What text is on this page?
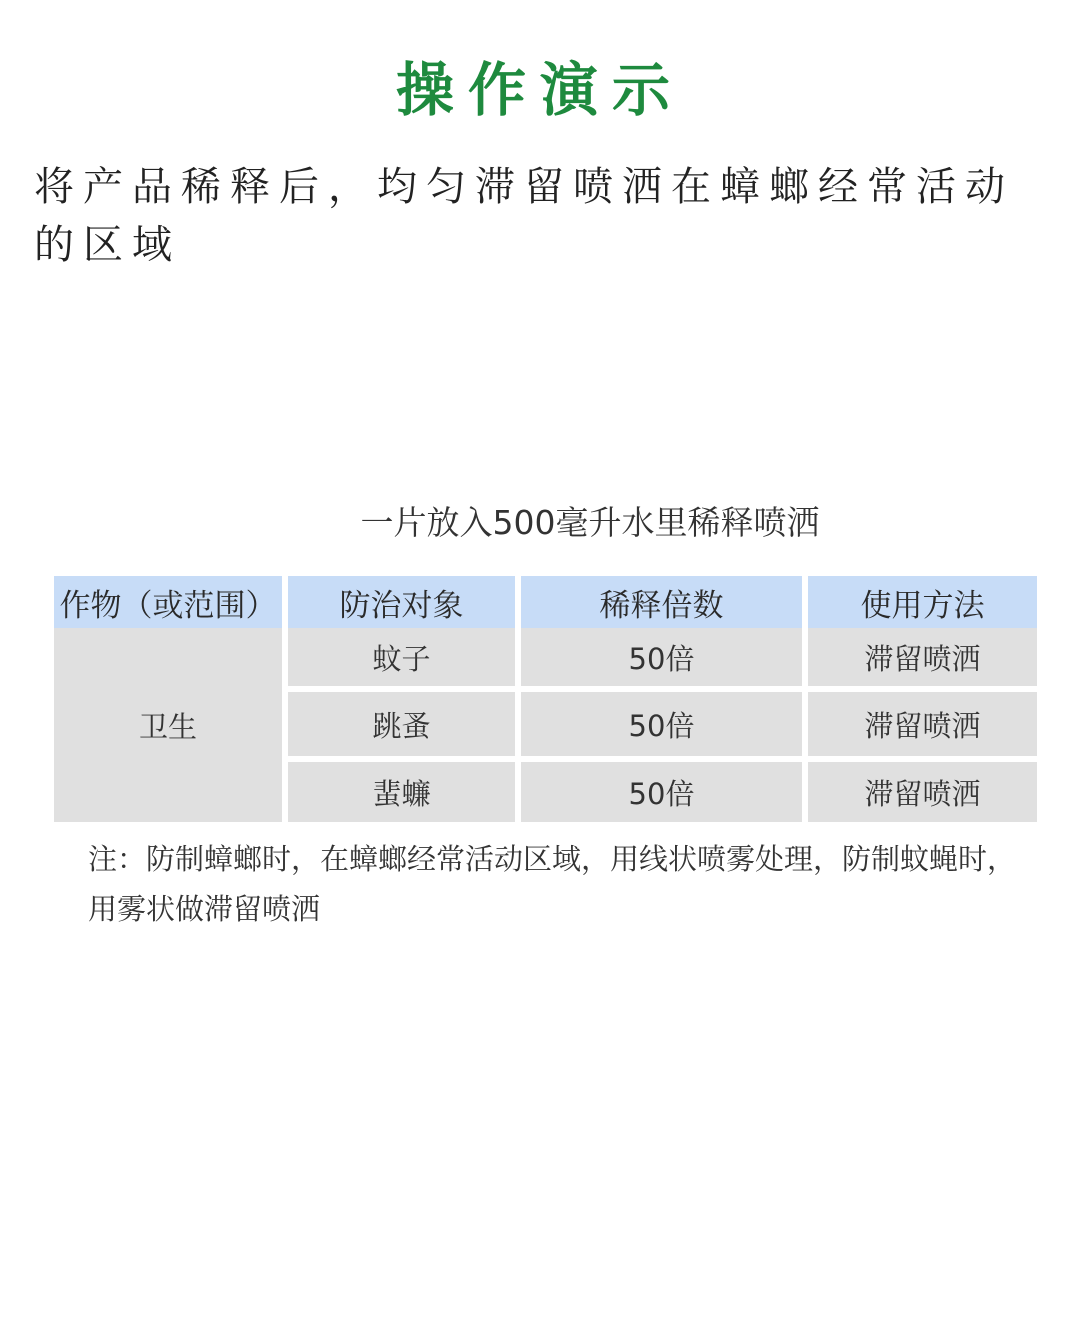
操作演示
将产品稀释后，均匀滞留喷洒在蟑螂经常活动的区域
一片放入500毫升水里稀释喷洒
作物（或范围）	防治对象	稀释倍数	使用方法
卫生
蚊子	50倍	滞留喷洒
跳蚤	50倍	滞留喷洒
蜚蠊	50倍	滞留喷洒
注：防制蟑螂时，在蟑螂经常活动区域，用线状喷雾处理，防制蚊蝇时，用雾状做滞留喷洒
